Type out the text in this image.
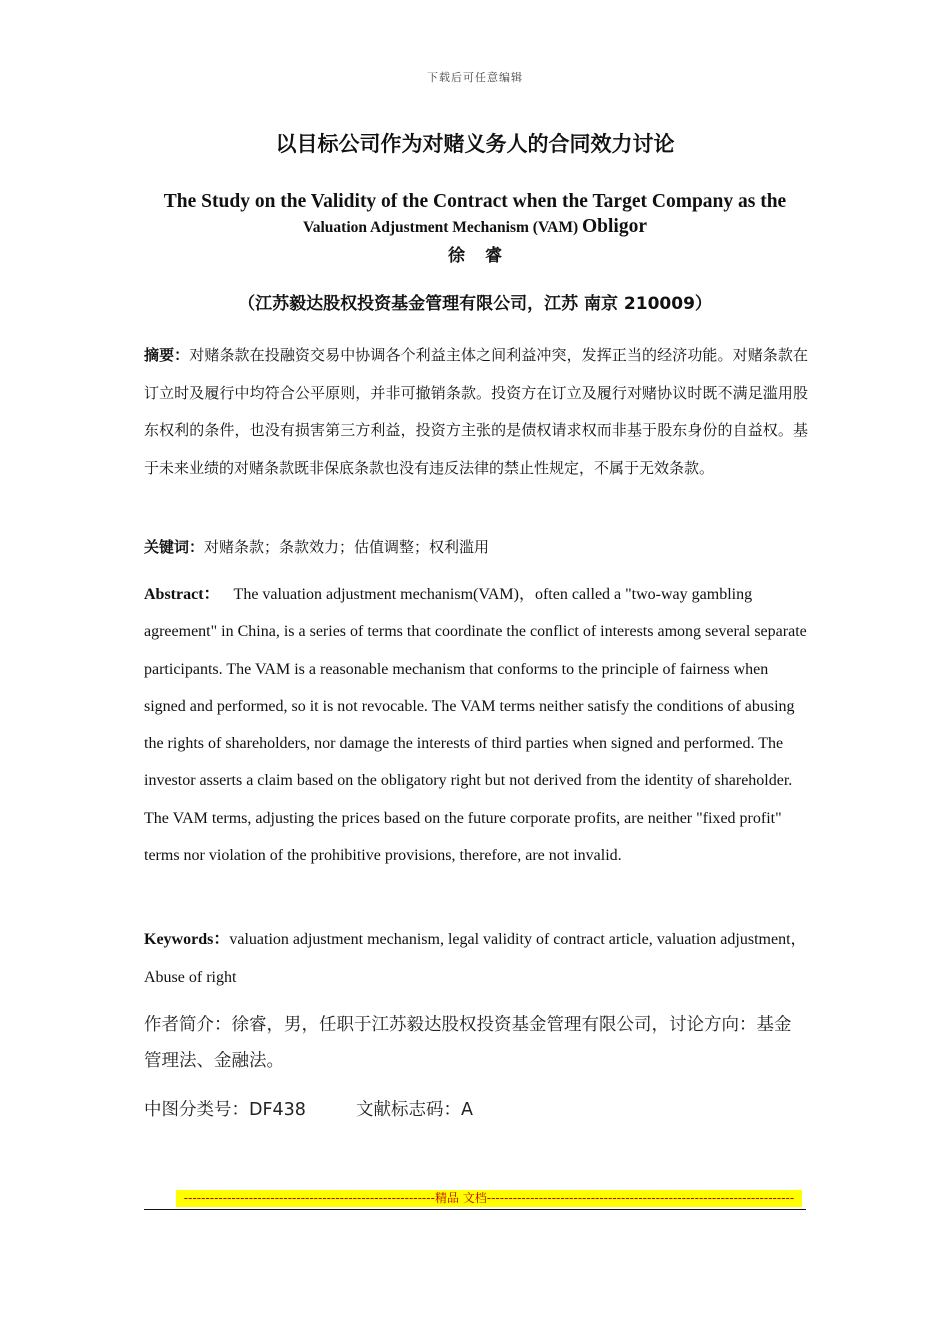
下载后可任意编辑
以目标公司作为对赌义务人的合同效力讨论
The Study on the Validity of the Contract when the Target Company as the
Valuation Adjustment Mechanism (VAM) Obligor
徐睿
（江苏毅达股权投资基金管理有限公司，江苏 南京 210009）
摘要：对赌条款在投融资交易中协调各个利益主体之间利益冲突，发挥正当的经济功能。对赌条款在订立时及履行中均符合公平原则，并非可撤销条款。投资方在订立及履行对赌协议时既不满足滥用股东权利的条件，也没有损害第三方利益，投资方主张的是债权请求权而非基于股东身份的自益权。基于未来业绩的对赌条款既非保底条款也没有违反法律的禁止性规定，不属于无效条款。
关键词：对赌条款；条款效力；估值调整；权利滥用
Abstract： The valuation adjustment mechanism(VAM)，often called a "two-way gambling agreement" in China, is a series of terms that coordinate the conflict of interests among several separate participants. The VAM is a reasonable mechanism that conforms to the principle of fairness when signed and performed, so it is not revocable. The VAM terms neither satisfy the conditions of abusing the rights of shareholders, nor damage the interests of third parties when signed and performed. The investor asserts a claim based on the obligatory right but not derived from the identity of shareholder. The VAM terms, adjusting the prices based on the future corporate profits, are neither "fixed profit" terms nor violation of the prohibitive provisions, therefore, are not invalid.
Keywords：valuation adjustment mechanism, legal validity of contract article, valuation adjustment，Abuse of right
作者简介：徐睿，男，任职于江苏毅达股权投资基金管理有限公司，讨论方向：基金管理法、金融法。
中图分类号：DF438	文献标志码：A
----------------------------------------------------------精品 文档-----------------------------------------------------------------------
